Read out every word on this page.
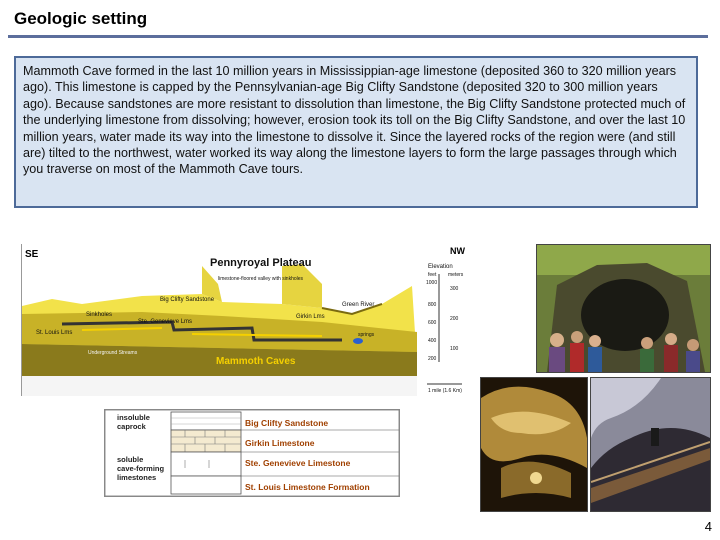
Geologic setting
Mammoth Cave formed in the last 10 million years in Mississippian-age limestone (deposited 360 to 320 million years ago). This limestone is capped by the Pennsylvanian-age Big Clifty Sandstone (deposited 320 to 300 million years ago). Because sandstones are more resistant to dissolution than limestone, the Big Clifty Sandstone protected much of the underlying limestone from dissolving; however, erosion took its toll on the Big Clifty Sandstone, and over the last 10 million years, water made its way into the limestone to dissolve it. Since the layered rocks of the region were (and still are) tilted to the northwest, water worked its way along the limestone layers to form the large passages through which you traverse on most of the Mammoth Cave tours.
SE	NW
Pennyroyal Plateau
limestone-floored valley with sinkholes
Big Clifty Sandstone
Sinkholes
Ste. Genevieve Lms
St. Louis Lms
Girkin Lms
Green River
springs
Underground Streams
Mammoth Caves
Elevation
feet meters
1000
800
600
400
200
300
200
100
1 mile (1.6 Km)
insoluble
caprock
soluble
cave-forming
limestones
Big Clifty Sandstone
Girkin Limestone
Ste. Genevieve Limestone
St. Louis Limestone Formation
4
